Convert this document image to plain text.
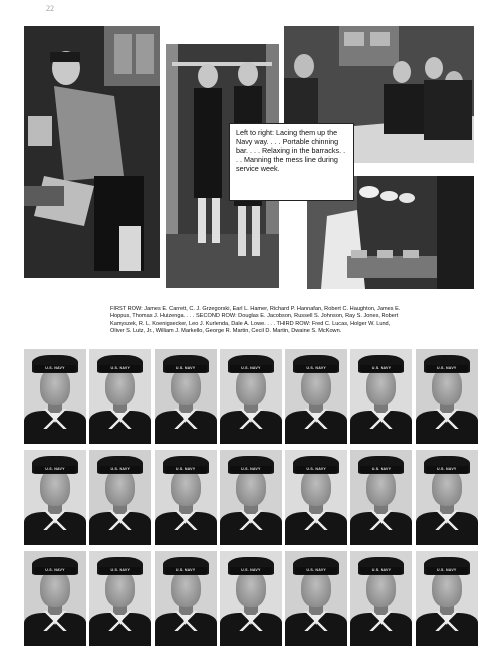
22
Left to right: Lacing them up the Navy way. . . . Portable chinning bar. . . . Relaxing in the barracks. . . . Manning the mess line during service week.
FIRST ROW: James E. Carrett, C. J. Grzegorski, Earl L. Hamer, Richard P. Hannafan, Robert C. Haughton, James E. Hoppus, Thomas J. Huizenga. . . . SECOND ROW: Douglas E. Jacobson, Russell S. Johnson, Ray S. Jones, Robert Kamyszek, R. L. Koenigsecker, Leo J. Kurlenda, Dale A. Lowe. . . . THIRD ROW: Fred C. Lucas, Holger W. Lund, Oliver S. Lutz, Jr., William J. Markello, George R. Martin, Cecil D. Martin, Dwaine S. McKown.
U.S. NAVY	U.S. NAVY	U.S. NAVY	U.S. NAVY	U.S. NAVY	U.S. NAVY	U.S. NAVY
U.S. NAVY	U.S. NAVY	U.S. NAVY	U.S. NAVY	U.S. NAVY	U.S. NAVY	U.S. NAVY
U.S. NAVY	U.S. NAVY	U.S. NAVY	U.S. NAVY	U.S. NAVY	U.S. NAVY	U.S. NAVY
